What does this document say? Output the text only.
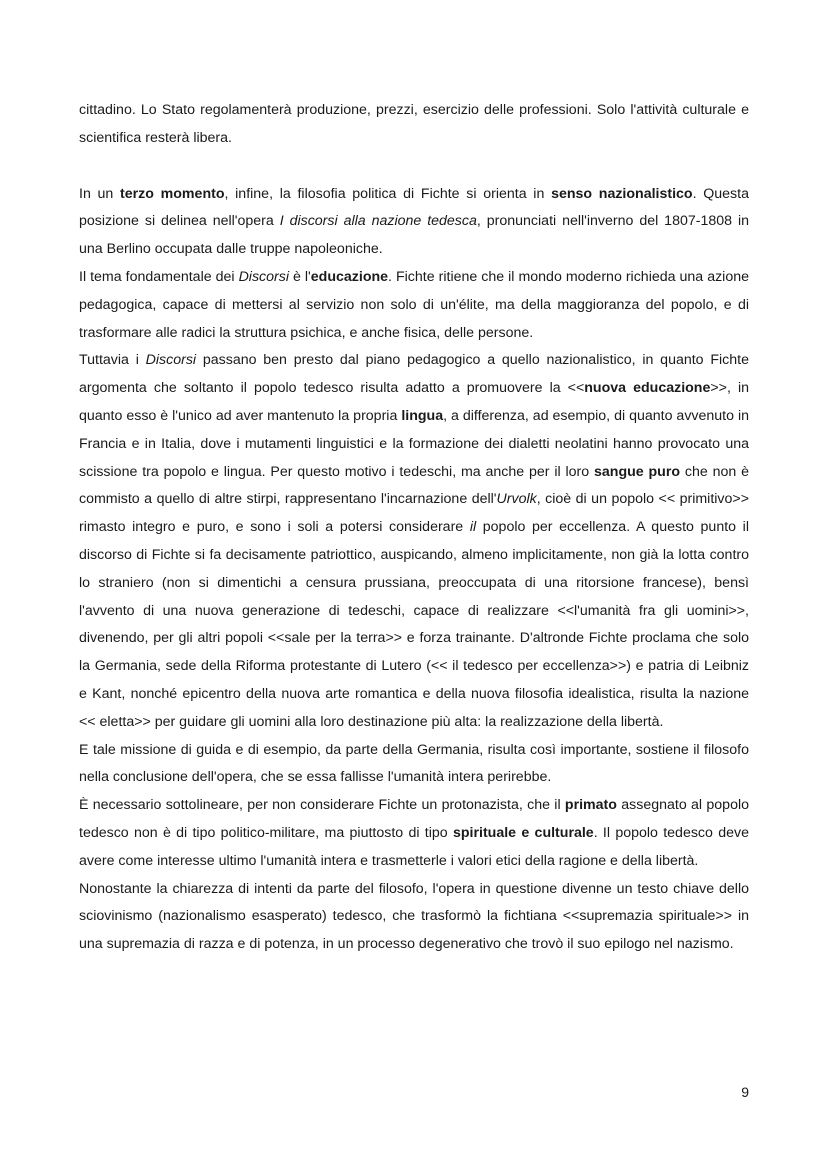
cittadino. Lo Stato regolamenterà produzione, prezzi, esercizio delle professioni. Solo l'attività culturale e scientifica resterà libera.

In un terzo momento, infine, la filosofia politica di Fichte si orienta in senso nazionalistico. Questa posizione si delinea nell'opera I discorsi alla nazione tedesca, pronunciati nell'inverno del 1807-1808 in una Berlino occupata dalle truppe napoleoniche.

Il tema fondamentale dei Discorsi è l'educazione. Fichte ritiene che il mondo moderno richieda una azione pedagogica, capace di mettersi al servizio non solo di un'élite, ma della maggioranza del popolo, e di trasformare alle radici la struttura psichica, e anche fisica, delle persone.

Tuttavia i Discorsi passano ben presto dal piano pedagogico a quello nazionalistico, in quanto Fichte argomenta che soltanto il popolo tedesco risulta adatto a promuovere la <<nuova educazione>>, in quanto esso è l'unico ad aver mantenuto la propria lingua, a differenza, ad esempio, di quanto avvenuto in Francia e in Italia, dove i mutamenti linguistici e la formazione dei dialetti neolatini hanno provocato una scissione tra popolo e lingua. Per questo motivo i tedeschi, ma anche per il loro sangue puro che non è commisto a quello di altre stirpi, rappresentano l'incarnazione dell'Urvolk, cioè di un popolo << primitivo>> rimasto integro e puro, e sono i soli a potersi considerare il popolo per eccellenza. A questo punto il discorso di Fichte si fa decisamente patriottico, auspicando, almeno implicitamente, non già la lotta contro lo straniero (non si dimentichi a censura prussiana, preoccupata di una ritorsione francese), bensì l'avvento di una nuova generazione di tedeschi, capace di realizzare <<l'umanità fra gli uomini>>, divenendo, per gli altri popoli <<sale per la terra>> e forza trainante. D'altronde Fichte proclama che solo la Germania, sede della Riforma protestante di Lutero (<< il tedesco per eccellenza>>) e patria di Leibniz e Kant, nonché epicentro della nuova arte romantica e della nuova filosofia idealistica, risulta la nazione << eletta>> per guidare gli uomini alla loro destinazione più alta: la realizzazione della libertà.

E tale missione di guida e di esempio, da parte della Germania, risulta così importante, sostiene il filosofo nella conclusione dell'opera, che se essa fallisse l'umanità intera perirebbe.

È necessario sottolineare, per non considerare Fichte un protonazista, che il primato assegnato al popolo tedesco non è di tipo politico-militare, ma piuttosto di tipo spirituale e culturale. Il popolo tedesco deve avere come interesse ultimo l'umanità intera e trasmetterle i valori etici della ragione e della libertà.

Nonostante la chiarezza di intenti da parte del filosofo, l'opera in questione divenne un testo chiave dello sciovinismo (nazionalismo esasperato) tedesco, che trasformò la fichtiana <<supremazia spirituale>> in una supremazia di razza e di potenza, in un processo degenerativo che trovò il suo epilogo nel nazismo.

9
